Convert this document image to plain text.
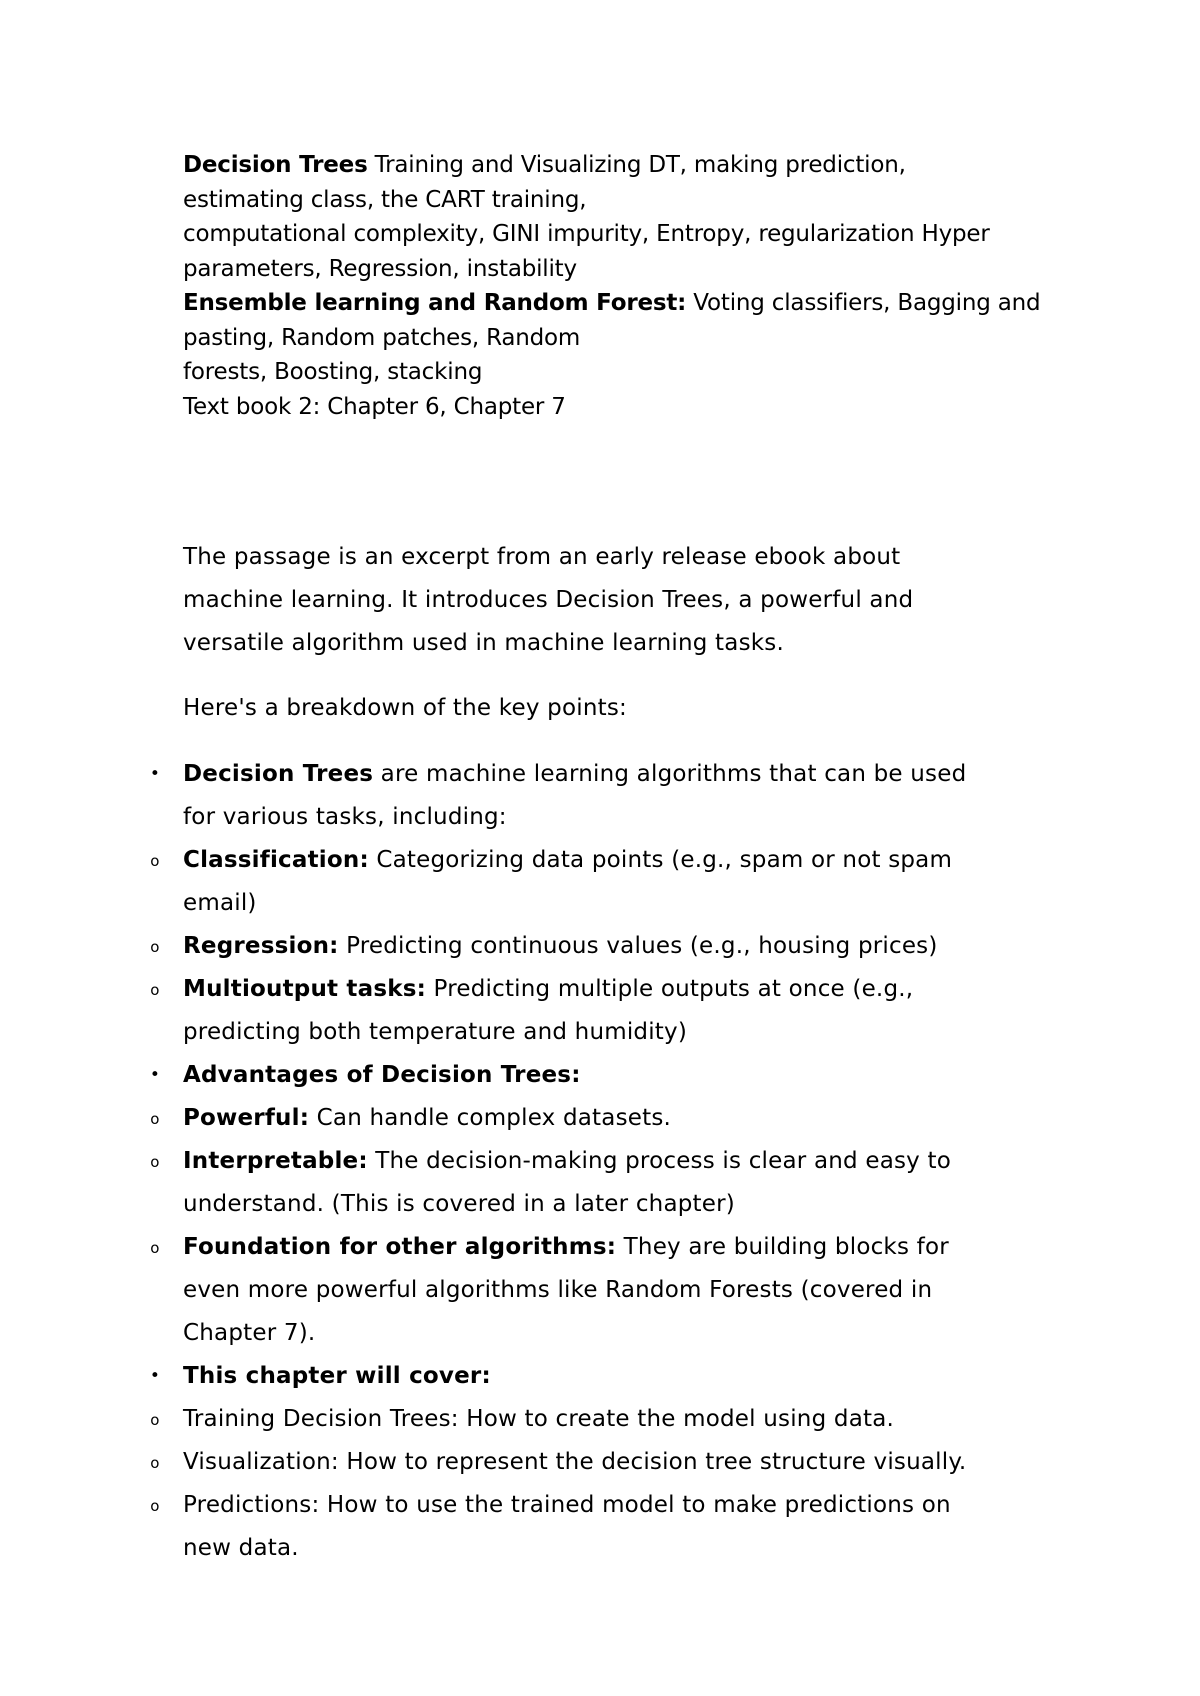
Decision Trees Training and Visualizing DT, making prediction,
estimating class, the CART training,
computational complexity, GINI impurity, Entropy, regularization Hyper
parameters, Regression, instability
Ensemble learning and Random Forest: Voting classifiers, Bagging and
pasting, Random patches, Random
forests, Boosting, stacking
Text book 2: Chapter 6, Chapter 7
The passage is an excerpt from an early release ebook about
machine learning. It introduces Decision Trees, a powerful and
versatile algorithm used in machine learning tasks.
Here's a breakdown of the key points:
• Decision Trees are machine learning algorithms that can be used
for various tasks, including:
o	Classification: Categorizing data points (e.g., spam or not spam
email)
o	Regression: Predicting continuous values (e.g., housing prices)
o	Multioutput tasks: Predicting multiple outputs at once (e.g.,
predicting both temperature and humidity)
• Advantages of Decision Trees:
o	Powerful: Can handle complex datasets.
o	Interpretable: The decision-making process is clear and easy to
understand. (This is covered in a later chapter)
o	Foundation for other algorithms: They are building blocks for
even more powerful algorithms like Random Forests (covered in
Chapter 7).
• This chapter will cover:
o	Training Decision Trees: How to create the model using data.
o	Visualization: How to represent the decision tree structure visually.
o	Predictions: How to use the trained model to make predictions on
new data.
